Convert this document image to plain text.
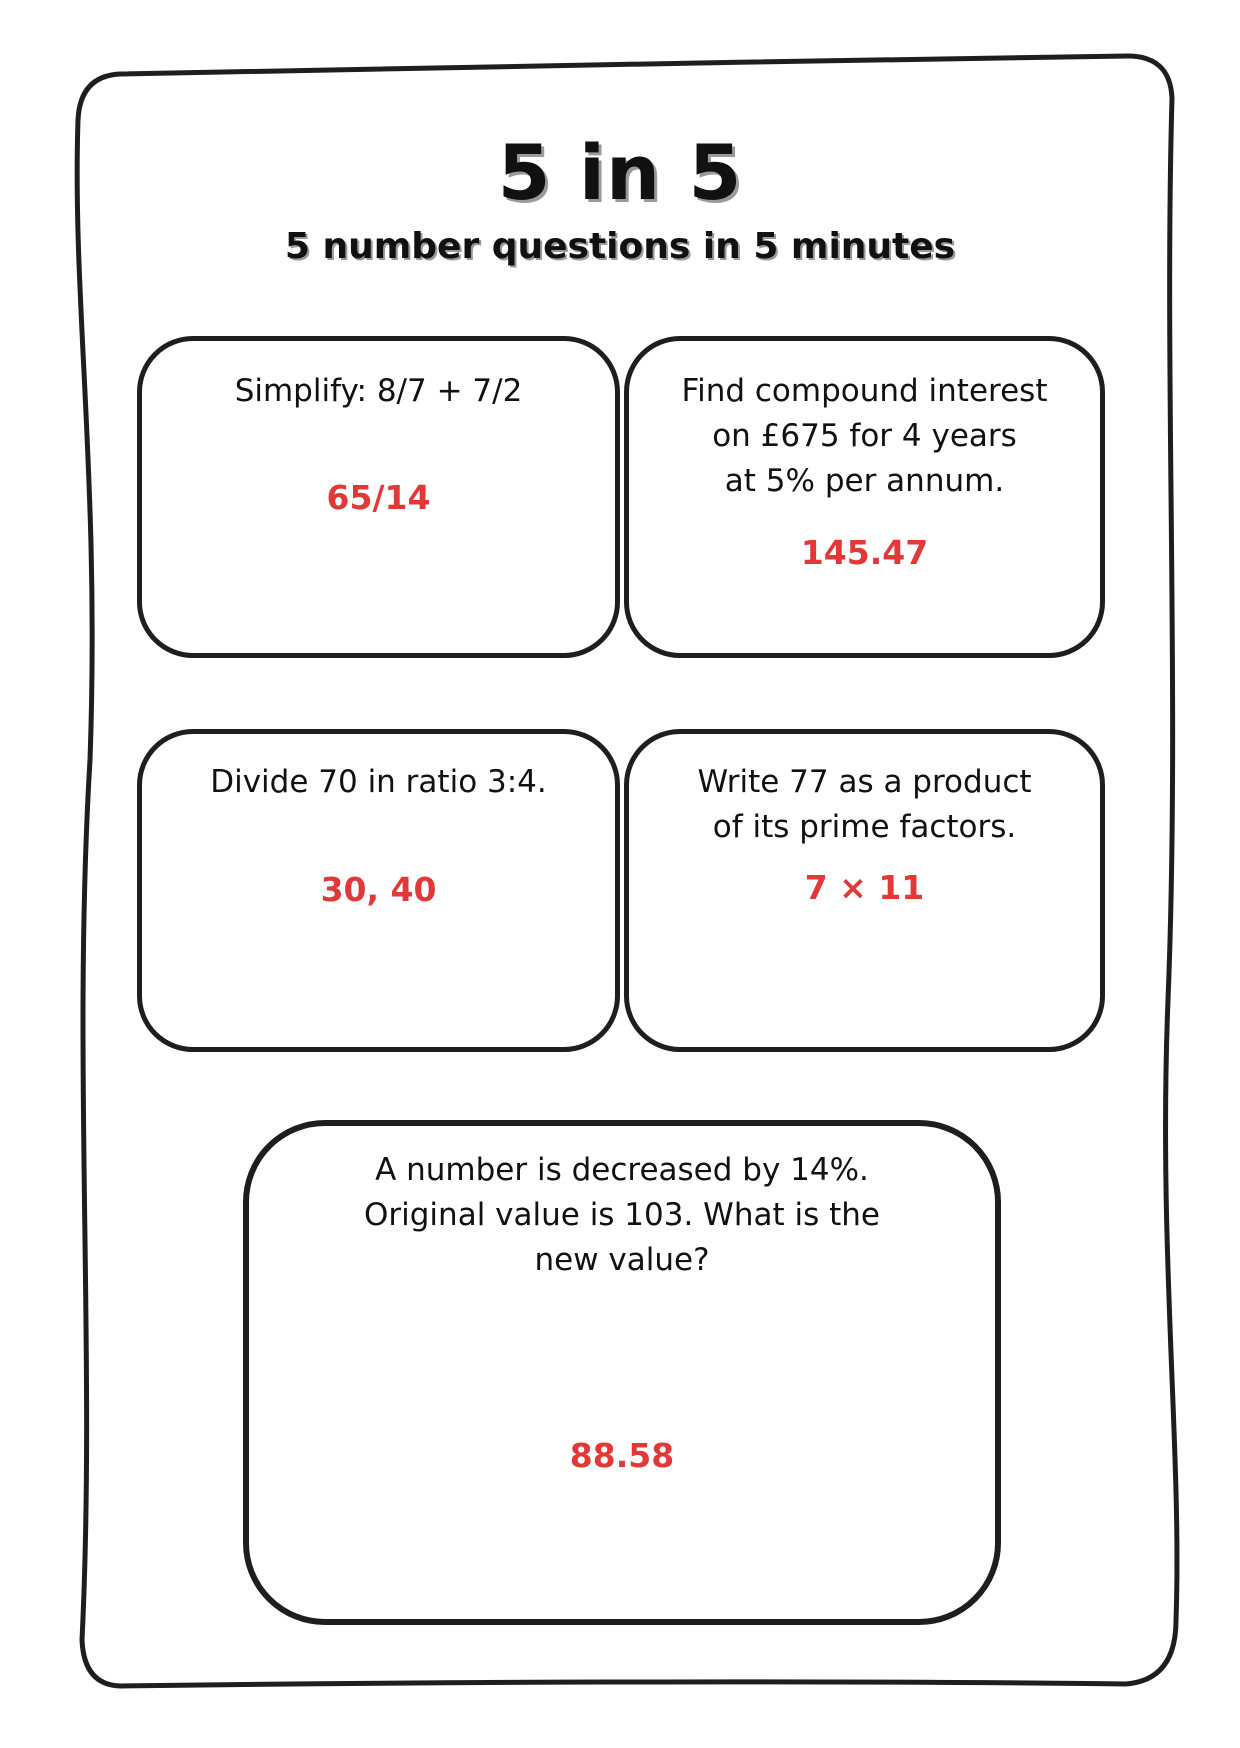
5 in 5
5 number questions in 5 minutes
Simplify: 8/7 + 7/2
65/14
Find compound interest
on £675 for 4 years
at 5% per annum.
145.47
Divide 70 in ratio 3:4.
30, 40
Write 77 as a product
of its prime factors.
7 × 11
A number is decreased by 14%.
Original value is 103. What is the
new value?
88.58
